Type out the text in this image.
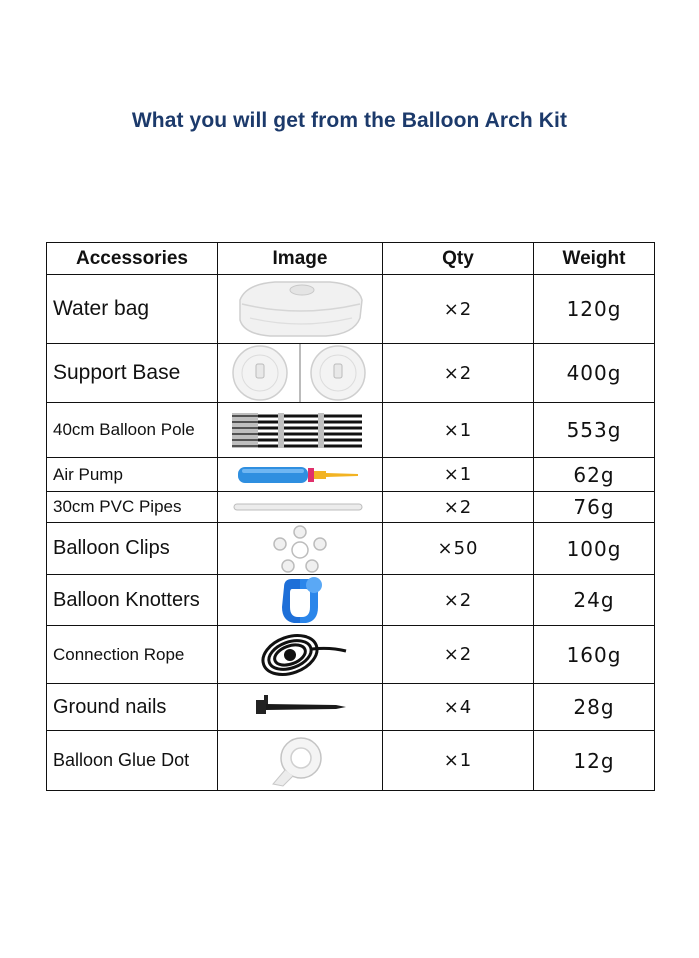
What you will get from the Balloon Arch Kit
Accessories	Image	Qty	Weight
Water bag		×2	120g
Support Base		×2	400g
40cm Balloon Pole		×1	553g
Air Pump		×1	62g
30cm PVC Pipes		×2	76g
Balloon Clips		×50	100g
Balloon Knotters		×2	24g
Connection Rope		×2	160g
Ground nails		×4	28g
Balloon Glue Dot		×1	12g
